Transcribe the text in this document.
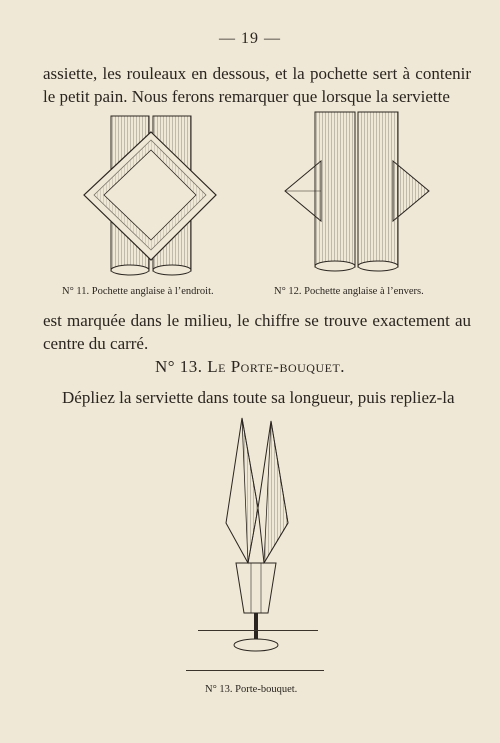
— 19 —
assiette, les rouleaux en dessous, et la pochette sert à contenir le petit pain. Nous ferons remarquer que lorsque la serviette
N° 11. Pochette anglaise à l’endroit.	N° 12. Pochette anglaise à l’envers.
est marquée dans le milieu, le chiffre se trouve exactement au centre du carré.
N° 13. Le Porte-bouquet.
Dépliez la serviette dans toute sa longueur, puis repliez-la
N° 13. Porte-bouquet.
